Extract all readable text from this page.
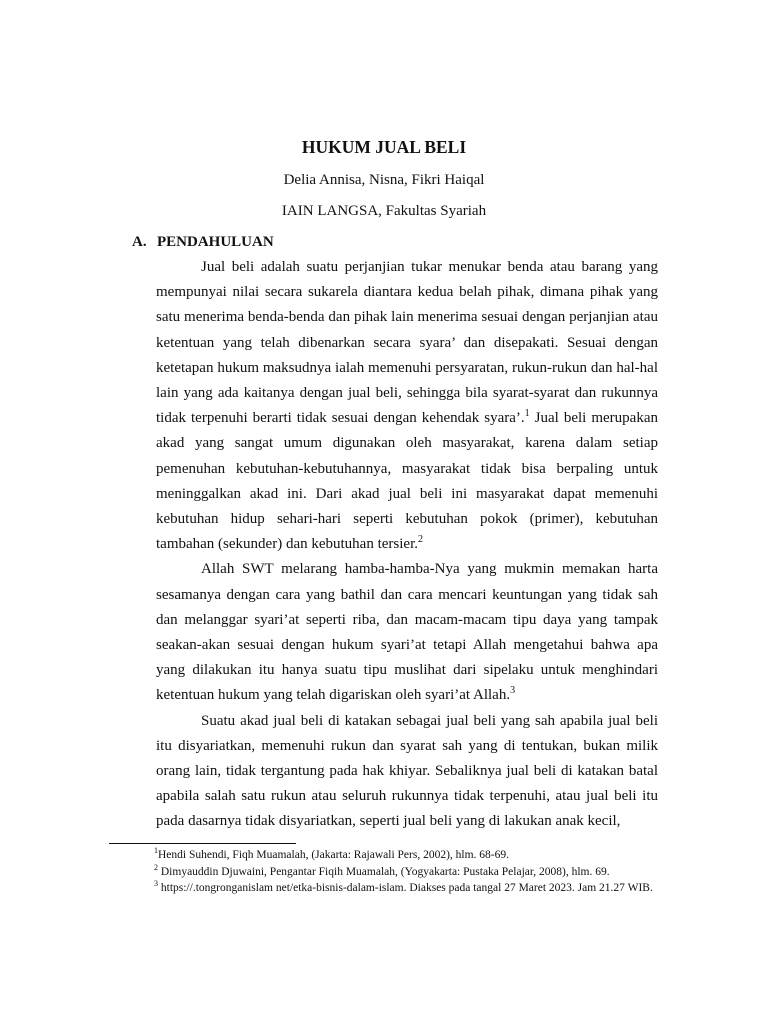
HUKUM JUAL BELI
Delia Annisa, Nisna, Fikri Haiqal
IAIN LANGSA, Fakultas Syariah
A. PENDAHULUAN

Jual beli adalah suatu perjanjian tukar menukar benda atau barang yang mempunyai nilai secara sukarela diantara kedua belah pihak, dimana pihak yang satu menerima benda-benda dan pihak lain menerima sesuai dengan perjanjian atau ketentuan yang telah dibenarkan secara syara’ dan disepakati. Sesuai dengan ketetapan hukum maksudnya ialah memenuhi persyaratan, rukun-rukun dan hal-hal lain yang ada kaitanya dengan jual beli, sehingga bila syarat-syarat dan rukunnya tidak terpenuhi berarti tidak sesuai dengan kehendak syara’.$^1$ Jual beli merupakan akad yang sangat umum digunakan oleh masyarakat, karena dalam setiap pemenuhan kebutuhan-kebutuhannya, masyarakat tidak bisa berpaling untuk meninggalkan akad ini. Dari akad jual beli ini masyarakat dapat memenuhi kebutuhan hidup sehari-hari seperti kebutuhan pokok (primer), kebutuhan tambahan (sekunder) dan kebutuhan tersier.$^2$

Allah SWT melarang hamba-hamba-Nya yang mukmin memakan harta sesamanya dengan cara yang bathil dan cara mencari keuntungan yang tidak sah dan melanggar syari’at seperti riba, dan macam-macam tipu daya yang tampak seakan-akan sesuai dengan hukum syari’at tetapi Allah mengetahui bahwa apa yang dilakukan itu hanya suatu tipu muslihat dari sipelaku untuk menghindari ketentuan hukum yang telah digariskan oleh syari’at Allah.$^3$

Suatu akad jual beli di katakan sebagai jual beli yang sah apabila jual beli itu disyariatkan, memenuhi rukun dan syarat sah yang di tentukan, bukan milik orang lain, tidak tergantung pada hak khiyar. Sebaliknya jual beli di katakan batal apabila salah satu rukun atau seluruh rukunnya tidak terpenuhi, atau jual beli itu pada dasarnya tidak disyariatkan, seperti jual beli yang di lakukan anak kecil,

$^1$Hendi Suhendi, Fiqh Muamalah, (Jakarta: Rajawali Pers, 2002), hlm. 68-69.

$^2$ Dimyauddin Djuwaini, Pengantar Fiqih Muamalah, (Yogyakarta: Pustaka Pelajar, 2008), hlm. 69.

$^3$ https://.tongronganislam net/etka-bisnis-dalam-islam. Diakses pada tangal 27 Maret 2023. Jam 21.27 WIB.
